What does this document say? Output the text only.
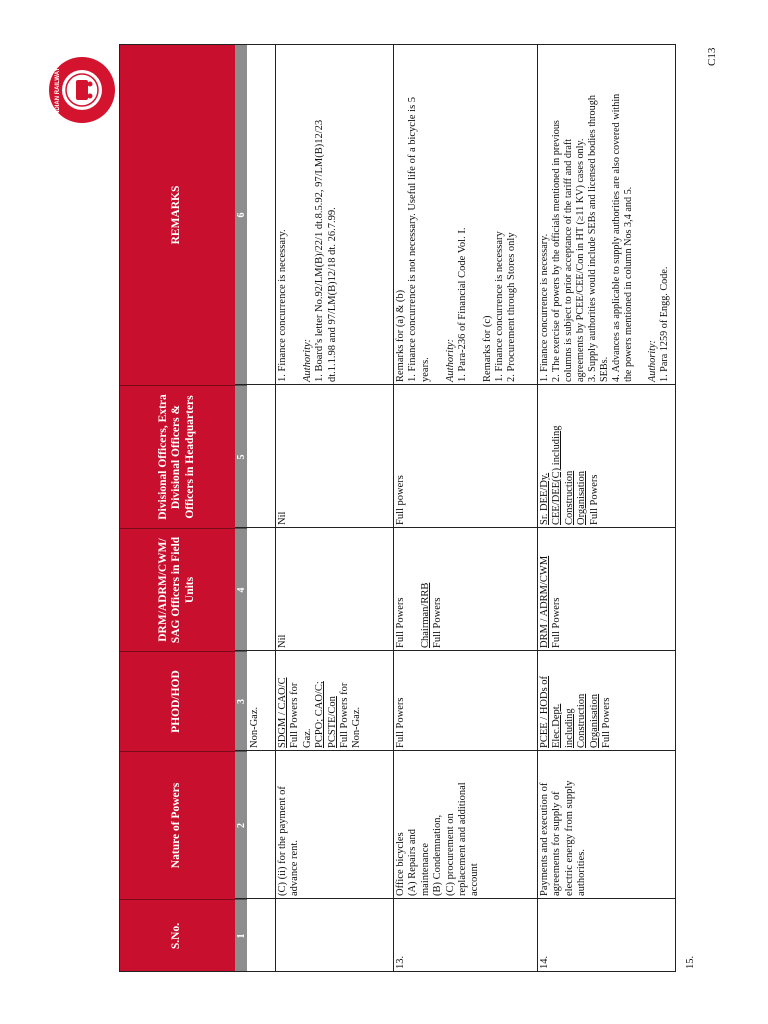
INDIAN RAILWAYS
S.No.
Nature of Powers
PHOD/HOD
DRM/ADRM/CWM/ SAG Officers in Field Units
Divisional Officers, Extra Divisional Officers & Officers in Headquarters
REMARKS
1
2
3
4
5
6
Non-Gaz.
(C) (ii) for the payment of advance rent.
SDGM / CAO/C Full Powers for Gaz. PCPO; CAO/C; PCSTE/Con Full Powers for Non-Gaz.
Nil
Nil
1. Finance concurrence is necessary.
Authority: 1. Board’s letter No.92/LM(B)/22/1 dt.8.5.92, 97/LM(B)12/23 dt.1.1.98 and 97/LM(B)12/18 dt. 26.7.99.
13.
Office bicycles (A) Repairs and maintenance (B) Condemnation, (C) procurement on replacement and additional account
Full Powers
Full Powers
Chairman/RRB Full Powers
Full powers
Remarks for (a) & (b) 1. Finance concurrence is not necessary. Useful life of a bicycle is 5 years.
Authority: 1. Para-236 of Financial Code Vol. I.
Remarks for (c) 1. Finance concurrence is necessary 2. Procurement through Stores only
14.
Payments and execution of agreements for supply of electric energy from supply authorities.
PCEE / HODs of Elec.Dept. including Construction Organisation Full Powers
DRM / ADRM/CWM Full Powers
Sr. DEE/Dy. CEE/DEE(C) including Construction Organisation Full Powers
1. Finance concurrence is necessary. 2. The exercise of powers by the officials mentioned in previous columns is subject to prior acceptance of the tariff and draft agreements by PCEE/CEE/Con in HT (≥11 KV) cases only. 3. Supply authorities would include SEBs and licensed bodies through SEBs. 4. Advances as applicable to supply authorities are also covered within the powers mentioned in column Nos 3,4 and 5.
Authority: 1. Para 1259 of Engg. Code.
15.
C13
